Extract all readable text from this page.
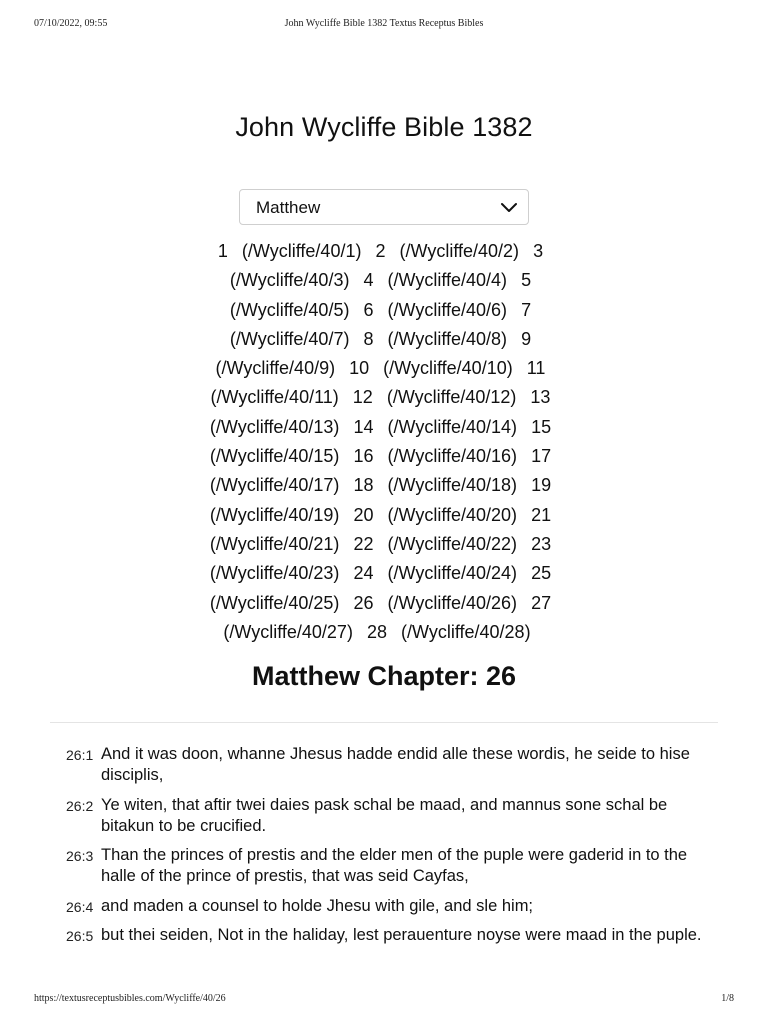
07/10/2022, 09:55	John Wycliffe Bible 1382 Textus Receptus Bibles
John Wycliffe Bible 1382
Matthew
1 (/Wycliffe/40/1) 2 (/Wycliffe/40/2) 3  (/Wycliffe/40/3) 4 (/Wycliffe/40/4) 5  (/Wycliffe/40/5) 6 (/Wycliffe/40/6) 7  (/Wycliffe/40/7) 8 (/Wycliffe/40/8) 9  (/Wycliffe/40/9) 10 (/Wycliffe/40/10) 11  (/Wycliffe/40/11) 12 (/Wycliffe/40/12) 13  (/Wycliffe/40/13) 14 (/Wycliffe/40/14) 15  (/Wycliffe/40/15) 16 (/Wycliffe/40/16) 17  (/Wycliffe/40/17) 18 (/Wycliffe/40/18) 19  (/Wycliffe/40/19) 20 (/Wycliffe/40/20) 21  (/Wycliffe/40/21) 22 (/Wycliffe/40/22) 23  (/Wycliffe/40/23) 24 (/Wycliffe/40/24) 25  (/Wycliffe/40/25) 26 (/Wycliffe/40/26) 27  (/Wycliffe/40/27) 28 (/Wycliffe/40/28)
Matthew Chapter: 26
26:1 And it was doon, whanne Jhesus hadde endid alle these wordis, he seide to hise disciplis,
26:2 Ye witen, that aftir twei daies pask schal be maad, and mannus sone schal be bitakun to be crucified.
26:3 Than the princes of prestis and the elder men of the puple were gaderid in to the halle of the prince of prestis, that was seid Cayfas,
26:4 and maden a counsel to holde Jhesu with gile, and sle him;
26:5 but thei seiden, Not in the haliday, lest perauenture noyse were maad in the puple.
https://textusreceptusbibles.com/Wycliffe/40/26	1/8
